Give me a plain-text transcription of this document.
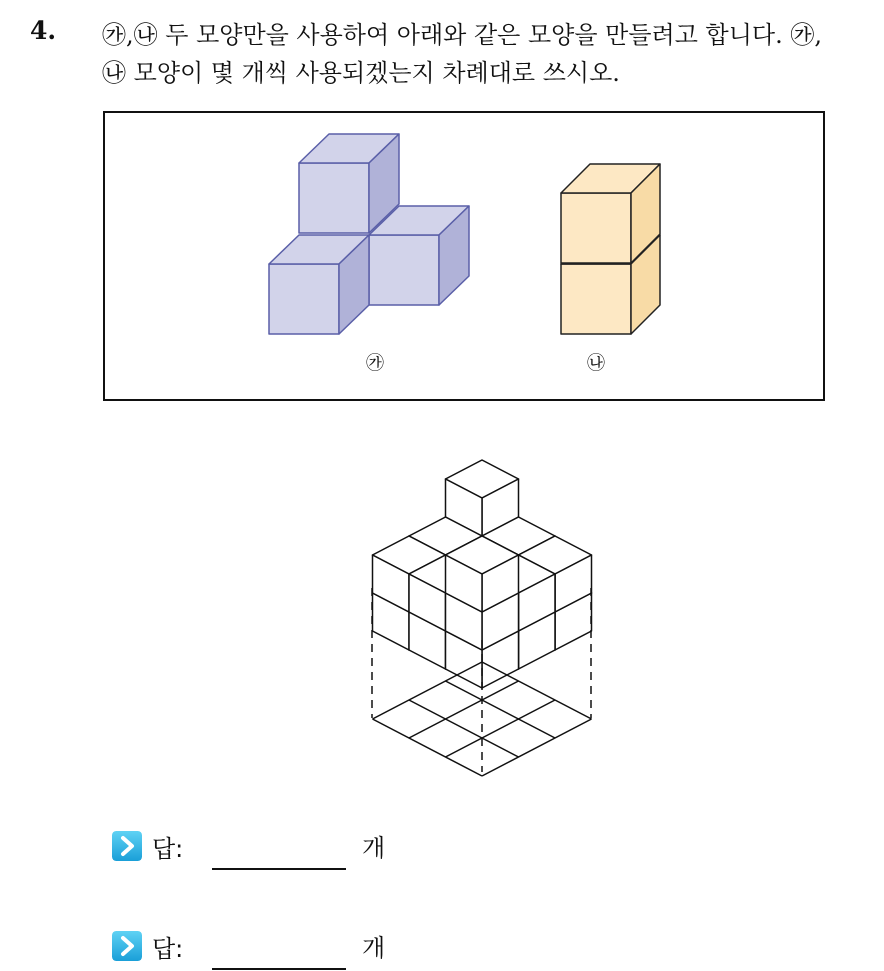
4. ㉮,㉯ 두 모양만을 사용하여 아래와 같은 모양을 만들려고 합니다. ㉮,
㉯ 모양이 몇 개씩 사용되겠는지 차례대로 쓰시오.
㉮	㉯
답:	개
답:	개
